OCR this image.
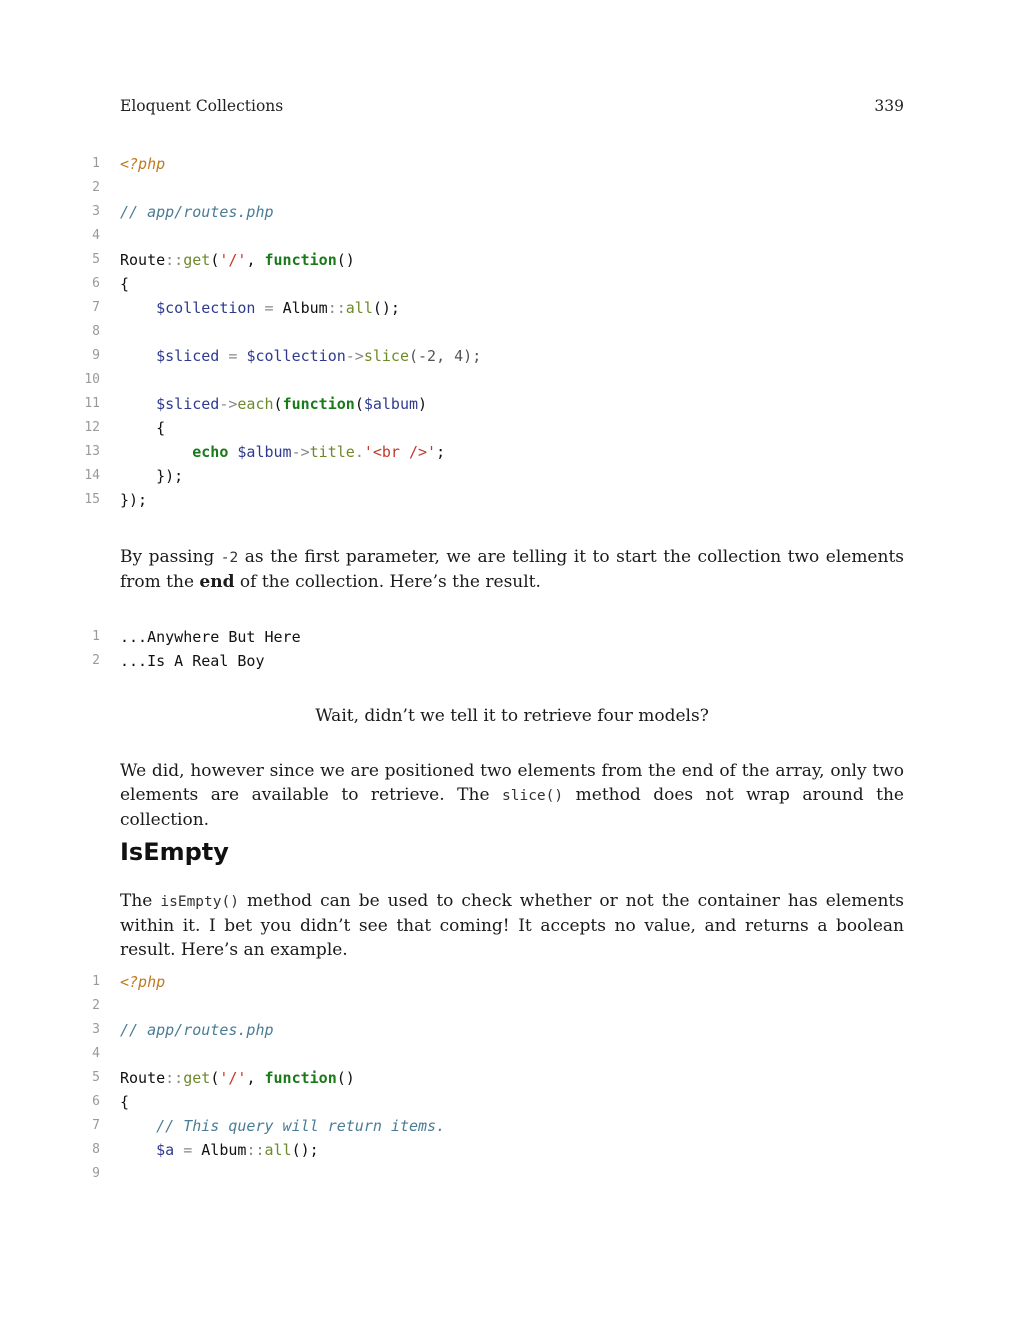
Eloquent Collections	339
1 <?php
2
3 // app/routes.php
4
5 Route::get('/', function()
6 {
7	$collection = Album::all();
8
9	$sliced = $collection->slice(-2, 4);
10
11	$sliced->each(function($album)
12	{
13	echo $album->title.'<br />';
14	});
15 });

By passing -2 as the first parameter, we are telling it to start the collection two elements from the end of the collection. Here’s the result.

1 ...Anywhere But Here
2 ...Is A Real Boy

Wait, didn’t we tell it to retrieve four models?

We did, however since we are positioned two elements from the end of the array, only two elements are available to retrieve. The slice() method does not wrap around the collection.

IsEmpty

The isEmpty() method can be used to check whether or not the container has elements within it. I bet you didn’t see that coming! It accepts no value, and returns a boolean result. Here’s an example.

1 <?php
2
3 // app/routes.php
4
5 Route::get('/', function()
6 {
7	// This query will return items.
8	$a = Album::all();
9
